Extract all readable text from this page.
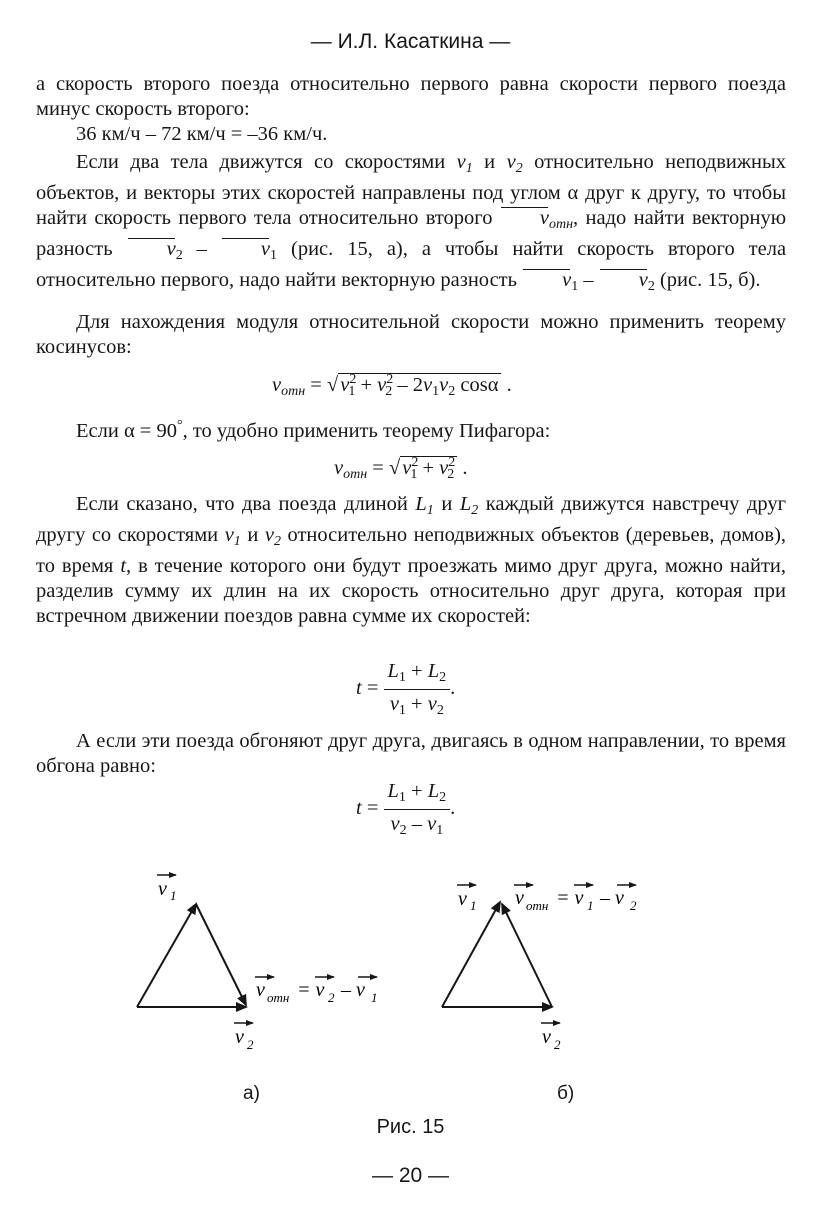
— И.Л. Касаткина —

а скорость второго поезда относительно первого равна скорости первого поезда минус скорость второго:

36 км/ч – 72 км/ч = –36 км/ч.

Если два тела движутся со скоростями $v_1$ и $v_2$ относительно неподвижных объектов, и векторы этих скоростей направлены под углом α друг к другу, то чтобы найти скорость первого тела относительно второго $v_{отн}$, надо найти векторную разность	$v_2$ –	$v_1$ (рис. 15, а), а чтобы найти скорость второго тела относительно первого, надо найти векторную разность $v_1 - v_2$ (рис. 15, б).

Для нахождения модуля относительной скорости можно применить теорему косинусов:

$v_{отн} = √v^2_1 + v^2_2 - 2v_1v_2$ cosα .

Если α = 90°, то удобно применить теорему Пифагора:

$v_{отн} = √v^2_1 + v^2_2$ .

Если сказано, что два поезда длиной $L_1$ и $L_2$ каждый движутся навстречу друг другу со скоростями $v_1$ и $v_2$ относительно неподвижных объектов (деревьев, домов), то время t, в течение которого они будут проезжать мимо друг друга, можно найти, разделив сумму их длин на их скорость относительно друг друга, которая при встречном движении поездов равна сумме их скоростей:

$t = \frac{L_1 + L_2}{v_1 + v_2}$ .

А если эти поезда обгоняют друг друга, двигаясь в одном направлении, то время обгона равно:

$t = \frac{L_1 + L_2}{v_2 - v_1}$ .
v 1
v 2
v отн = v 2 – v 1
v 1
v 2
v отн = v 1 – v 2
а)	б)
Рис. 15
— 20 —
